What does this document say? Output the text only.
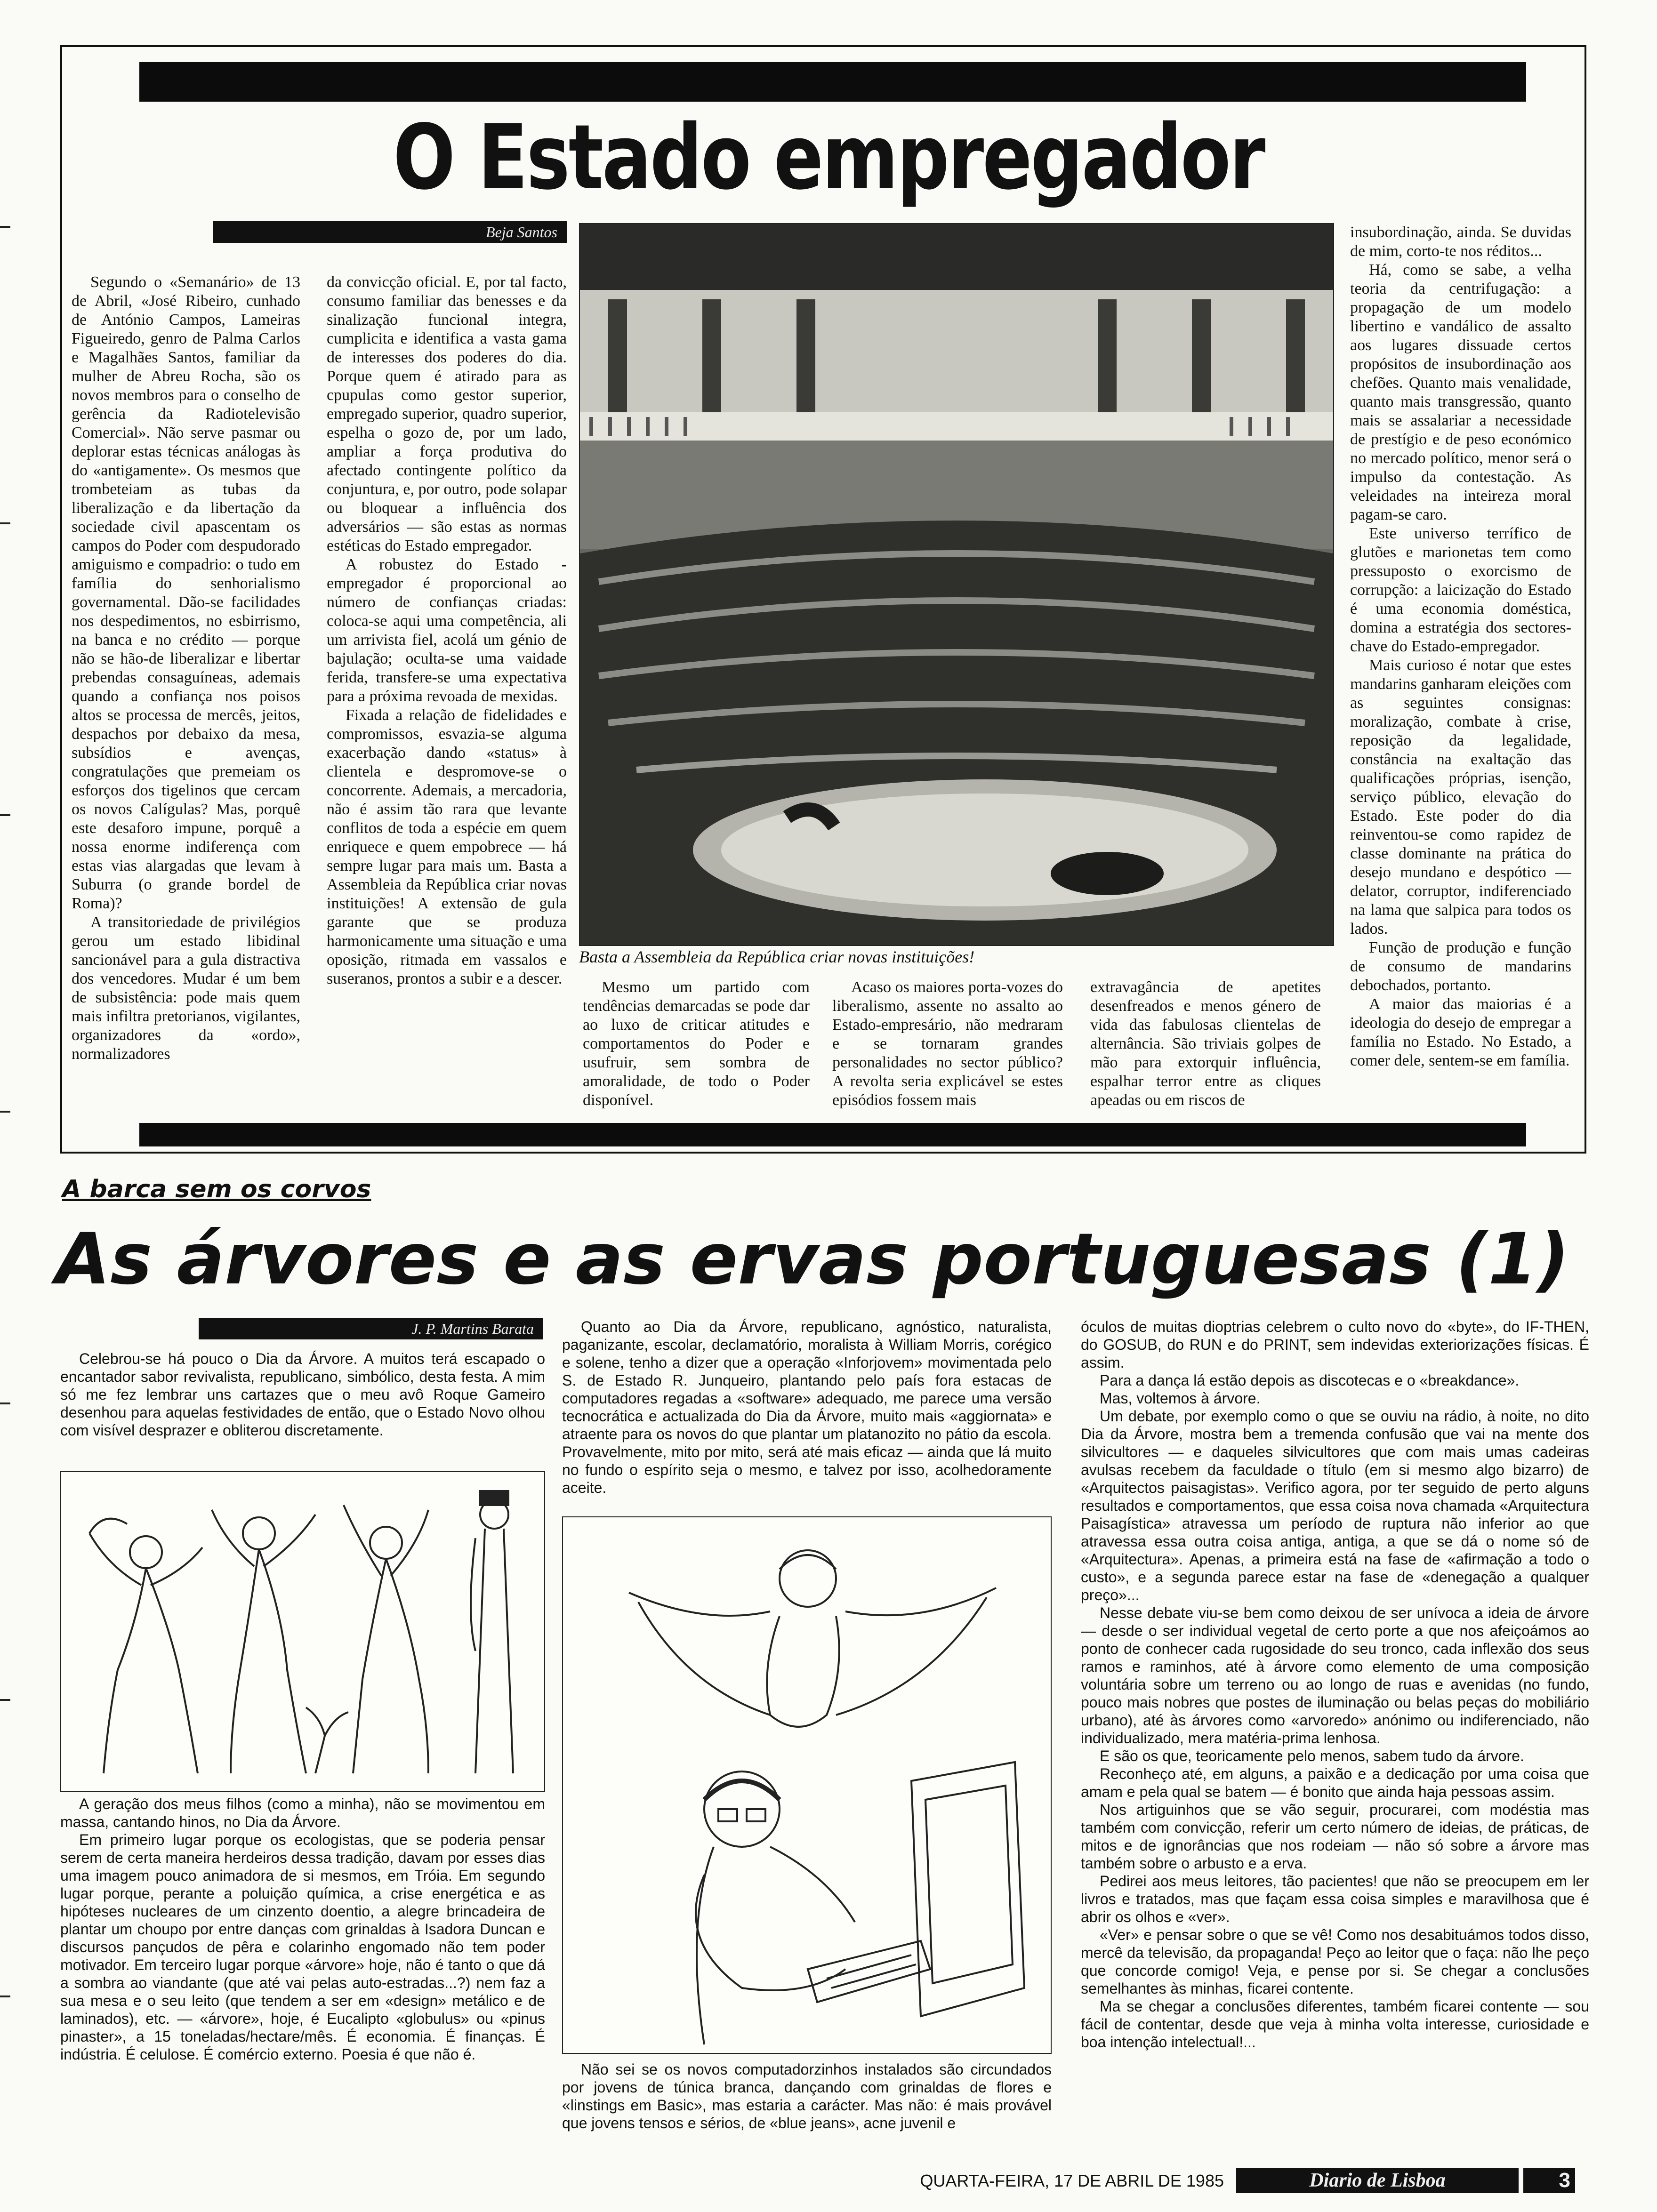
O Estado empregador
Beja Santos

Segundo o «Semanário» de 13 de Abril, «José Ribeiro, cunhado de António Campos, Lameiras Figueiredo, genro de Palma Carlos e Magalhães Santos, familiar da mulher de Abreu Rocha, são os novos membros para o conselho de gerência da Radiotelevisão Comercial». Não serve pasmar ou deplorar estas técnicas análogas às do «antigamente». Os mesmos que trombeteiam as tubas da liberalização e da libertação da sociedade civil apascentam os campos do Poder com despudorado amiguismo e compadrio: o tudo em família do senhorialismo governamental. Dão-se facilidades nos despedimentos, no esbirrismo, na banca e no crédito — porque não se hão-de liberalizar e libertar prebendas consaguíneas, ademais quando a confiança nos poisos altos se processa de mercês, jeitos, despachos por debaixo da mesa, subsídios e avenças, congratulações que premeiam os esforços dos tigelinos que cercam os novos Calígulas? Mas, porquê este desaforo impune, porquê a nossa enorme indiferença com estas vias alargadas que levam à Suburra (o grande bordel de Roma)?

A transitoriedade de privilégios gerou um estado libidinal sancionável para a gula distractiva dos vencedores. Mudar é um bem de subsistência: pode mais quem mais infiltra pretorianos, vigilantes, organizadores da «ordo», normalizadores

da convicção oficial. E, por tal facto, consumo familiar das benesses e da sinalização funcional integra, cumplicita e identifica a vasta gama de interesses dos poderes do dia. Porque quem é atirado para as cpupulas como gestor superior, empregado superior, quadro superior, espelha o gozo de, por um lado, ampliar a força produtiva do afectado contingente político da conjuntura, e, por outro, pode solapar ou bloquear a influência dos adversários — são estas as normas estéticas do Estado empregador.

A robustez do Estado - empregador é proporcional ao número de confianças criadas: coloca-se aqui uma competência, ali um arrivista fiel, acolá um génio de bajulação; oculta-se uma vaidade ferida, transfere-se uma expectativa para a próxima revoada de mexidas.

Fixada a relação de fidelidades e compromissos, esvazia-se alguma exacerbação dando «status» à clientela e despromove-se o concorrente. Ademais, a mercadoria, não é assim tão rara que levante conflitos de toda a espécie em quem enriquece e quem empobrece — há sempre lugar para mais um. Basta a Assembleia da República criar novas instituições! A extensão de gula garante que se produza harmonicamente uma situação e uma oposição, ritmada em vassalos e suseranos, prontos a subir e a descer.

Basta a Assembleia da República criar novas instituições!

Mesmo um partido com tendências demarcadas se pode dar ao luxo de criticar atitudes e comportamentos do Poder e usufruir, sem sombra de amoralidade, de todo o Poder disponível.

Acaso os maiores porta-vozes do liberalismo, assente no assalto ao Estado-empresário, não medraram e se tornaram grandes personalidades no sector público? A revolta seria explicável se estes episódios fossem mais

extravagância de apetites desenfreados e menos género de vida das fabulosas clientelas de alternância. São triviais golpes de mão para extorquir influência, espalhar terror entre as cliques apeadas ou em riscos de

insubordinação, ainda. Se duvidas de mim, corto-te nos réditos...

Há, como se sabe, a velha teoria da centrifugação: a propagação de um modelo libertino e vandálico de assalto aos lugares dissuade certos propósitos de insubordinação aos chefões. Quanto mais venalidade, quanto mais transgressão, quanto mais se assalariar a necessidade de prestígio e de peso económico no mercado político, menor será o impulso da contestação. As veleidades na inteireza moral pagam-se caro.

Este universo terrífico de glutões e marionetas tem como pressuposto o exorcismo de corrupção: a laicização do Estado é uma economia doméstica, domina a estratégia dos sectores-chave do Estado-empregador.

Mais curioso é notar que estes mandarins ganharam eleições com as seguintes consignas: moralização, combate à crise, reposição da legalidade, constância na exaltação das qualificações próprias, isenção, serviço público, elevação do Estado. Este poder do dia reinventou-se como rapidez de classe dominante na prática do desejo mundano e despótico — delator, corruptor, indiferenciado na lama que salpica para todos os lados.

Função de produção e função de consumo de mandarins debochados, portanto.

A maior das maiorias é a ideologia do desejo de empregar a família no Estado. No Estado, a comer dele, sentem-se em família.

A barca sem os corvos
As árvores e as ervas portuguesas (1)
J. P. Martins Barata

Celebrou-se há pouco o Dia da Árvore. A muitos terá escapado o encantador sabor revivalista, republicano, simbólico, desta festa. A mim só me fez lembrar uns cartazes que o meu avô Roque Gameiro desenhou para aquelas festividades de então, que o Estado Novo olhou com visível desprazer e obliterou discretamente.

A geração dos meus filhos (como a minha), não se movimentou em massa, cantando hinos, no Dia da Árvore.

Em primeiro lugar porque os ecologistas, que se poderia pensar serem de certa maneira herdeiros dessa tradição, davam por esses dias uma imagem pouco animadora de si mesmos, em Tróia. Em segundo lugar porque, perante a poluição química, a crise energética e as hipóteses nucleares de um cinzento doentio, a alegre brincadeira de plantar um choupo por entre danças com grinaldas à Isadora Duncan e discursos pançudos de pêra e colarinho engomado não tem poder motivador. Em terceiro lugar porque «árvore» hoje, não é tanto o que dá a sombra ao viandante (que até vai pelas auto-estradas...?) nem faz a sua mesa e o seu leito (que tendem a ser em «design» metálico e de laminados), etc. — «árvore», hoje, é Eucalipto «globulus» ou «pinus pinaster», a 15 toneladas/hectare/mês. É economia. É finanças. É indústria. É celulose. É comércio externo. Poesia é que não é.

Quanto ao Dia da Árvore, republicano, agnóstico, naturalista, paganizante, escolar, declamatório, moralista à William Morris, corégico e solene, tenho a dizer que a operação «Inforjovem» movimentada pelo S. de Estado R. Junqueiro, plantando pelo país fora estacas de computadores regadas a «software» adequado, me parece uma versão tecnocrática e actualizada do Dia da Árvore, muito mais «aggiornata» e atraente para os novos do que plantar um platanozito no pátio da escola. Provavelmente, mito por mito, será até mais eficaz — ainda que lá muito no fundo o espírito seja o mesmo, e talvez por isso, acolhedoramente aceite.

Não sei se os novos computadorzinhos instalados são circundados por jovens de túnica branca, dançando com grinaldas de flores e «linstings em Basic», mas estaria a carácter. Mas não: é mais provável que jovens tensos e sérios, de «blue jeans», acne juvenil e

óculos de muitas dioptrias celebrem o culto novo do «byte», do IF-THEN, do GOSUB, do RUN e do PRINT, sem indevidas exteriorizações físicas. É assim.

Para a dança lá estão depois as discotecas e o «breakdance».

Mas, voltemos à árvore.

Um debate, por exemplo como o que se ouviu na rádio, à noite, no dito Dia da Árvore, mostra bem a tremenda confusão que vai na mente dos silvicultores — e daqueles silvicultores que com mais umas cadeiras avulsas recebem da faculdade o título (em si mesmo algo bizarro) de «Arquitectos paisagistas». Verifico agora, por ter seguido de perto alguns resultados e comportamentos, que essa coisa nova chamada «Arquitectura Paisagística» atravessa um período de ruptura não inferior ao que atravessa essa outra coisa antiga, antiga, a que se dá o nome só de «Arquitectura». Apenas, a primeira está na fase de «afirmação a todo o custo», e a segunda parece estar na fase de «denegação a qualquer preço»...

Nesse debate viu-se bem como deixou de ser unívoca a ideia de árvore — desde o ser individual vegetal de certo porte a que nos afeiçoámos ao ponto de conhecer cada rugosidade do seu tronco, cada inflexão dos seus ramos e raminhos, até à árvore como elemento de uma composição voluntária sobre um terreno ou ao longo de ruas e avenidas (no fundo, pouco mais nobres que postes de iluminação ou belas peças do mobiliário urbano), até às árvores como «arvoredo» anónimo ou indiferenciado, não individualizado, mera matéria-prima lenhosa.

E são os que, teoricamente pelo menos, sabem tudo da árvore.

Reconheço até, em alguns, a paixão e a dedicação por uma coisa que amam e pela qual se batem — é bonito que ainda haja pessoas assim.

Nos artiguinhos que se vão seguir, procurarei, com modéstia mas também com convicção, referir um certo número de ideias, de práticas, de mitos e de ignorâncias que nos rodeiam — não só sobre a árvore mas também sobre o arbusto e a erva.

Pedirei aos meus leitores, tão pacientes! que não se preocupem em ler livros e tratados, mas que façam essa coisa simples e maravilhosa que é abrir os olhos e «ver».

«Ver» e pensar sobre o que se vê! Como nos desabituámos todos disso, mercê da televisão, da propaganda! Peço ao leitor que o faça: não lhe peço que concorde comigo! Veja, e pense por si. Se chegar a conclusões semelhantes às minhas, ficarei contente.

Ma se chegar a conclusões diferentes, também ficarei contente — sou fácil de contentar, desde que veja à minha volta interesse, curiosidade e boa intenção intelectual!...

QUARTA-FEIRA, 17 DE ABRIL DE 1985	Diario de Lisboa	3
